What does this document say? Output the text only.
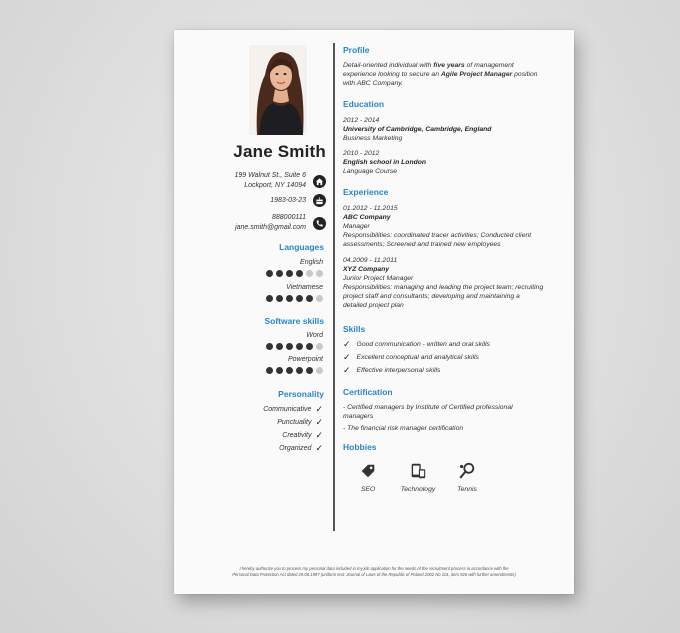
Jane Smith
199 Walnut St., Suite 6
Lockport, NY 14094
1983-03-23
888000111
jane.smith@gmail.com
Languages
English
Vietnamese
Software skills
Word
Powerpoint
Personality
Communicative ✓
Punctuality ✓
Creativity ✓
Organized ✓
Profile
Detail-oriented individual with five years of management
experience looking to secure an Agile Project Manager position
with ABC Company.
Education
2012 - 2014
University of Cambridge, Cambridge, England
Business Marketing
2010 - 2012
English school in London
Language Course
Experience
01.2012 - 11.2015
ABC Company
Manager
Responsibilities: coordinated tracer activities; Conducted client
assessments; Screened and trained new employees
04.2009 - 11.2011
XYZ Company
Junior Project Manager
Responsibilities: managing and leading the project team; recruiting
project staff and consultants; developing and maintaining a
detailed project plan
Skills
✓ Good communication - written and oral skills
✓ Excellent conceptual and analytical skills
✓ Effective interpersonal skills
Certification
- Certified managers by Institute of Certified professional
managers
- The financial risk manager certification
Hobbies
SEO	Technology	Tennis
I hereby authorize you to process my personal data included in my job application for the needs of the recruitment process in accordance with the
Personal Data Protection Act dated 29.08.1997 (uniform text: Journal of Laws of the Republic of Poland 2002 No 101, item 926 with further amendments)
